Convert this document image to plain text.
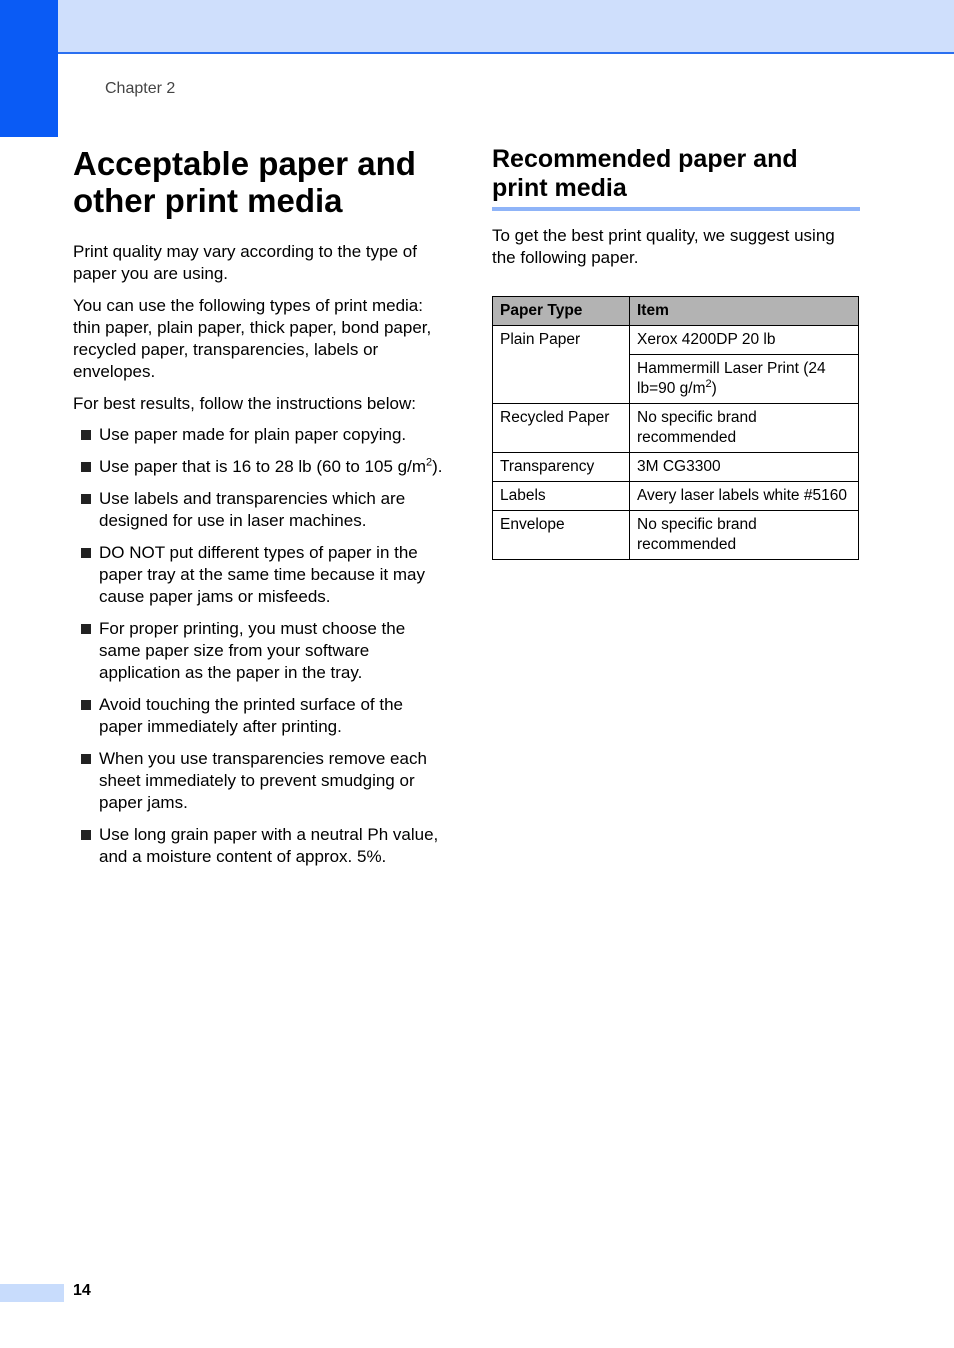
Chapter 2
Acceptable paper and other print media

Print quality may vary according to the type of paper you are using.

You can use the following types of print media: thin paper, plain paper, thick paper, bond paper, recycled paper, transparencies, labels or envelopes.

For best results, follow the instructions below:

Use paper made for plain paper copying.
Use paper that is 16 to 28 lb (60 to 105 $g/m^2$).
Use labels and transparencies which are designed for use in laser machines.
DO NOT put different types of paper in the paper tray at the same time because it may cause paper jams or misfeeds.
For proper printing, you must choose the same paper size from your software application as the paper in the tray.
Avoid touching the printed surface of the paper immediately after printing.
When you use transparencies remove each sheet immediately to prevent smudging or paper jams.
Use long grain paper with a neutral Ph value, and a moisture content of approx. 5%.
Recommended paper and print media

To get the best print quality, we suggest using the following paper.

Paper Type	Item
Plain Paper	Xerox 4200DP 20 lb
	Hammermill Laser Print (24 lb=90 $g/m^2$)
Recycled Paper	No specific brand recommended
Transparency	3M CG3300
Labels	Avery laser labels white #5160
Envelope	No specific brand recommended
14
